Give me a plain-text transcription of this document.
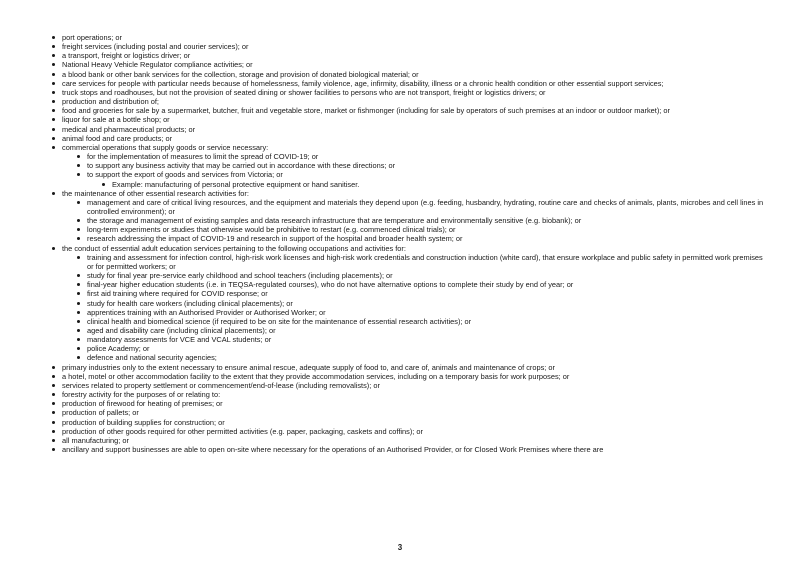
port operations; or
freight services (including postal and courier services); or
a transport, freight or logistics driver; or
National Heavy Vehicle Regulator compliance activities; or
a blood bank or other bank services for the collection, storage and provision of donated biological material; or
care services for people with particular needs because of homelessness, family violence, age, infirmity, disability, illness or a chronic health condition or other essential support services;
truck stops and roadhouses, but not the provision of seated dining or shower facilities to persons who are not transport, freight or logistics drivers; or
production and distribution of;
food and groceries for sale by a supermarket, butcher, fruit and vegetable store, market or fishmonger (including for sale by operators of such premises at an indoor or outdoor market); or
liquor for sale at a bottle shop; or
medical and pharmaceutical products; or
animal food and care products; or
commercial operations that supply goods or service necessary:
for the implementation of measures to limit the spread of COVID-19; or
to support any business activity that may be carried out in accordance with these directions; or
to support the export of goods and services from Victoria; or
Example: manufacturing of personal protective equipment or hand sanitiser.
the maintenance of other essential research activities for:
management and care of critical living resources, and the equipment and materials they depend upon (e.g. feeding, husbandry, hydrating, routine care and checks of animals, plants, microbes and cell lines in controlled environment); or
the storage and management of existing samples and data research infrastructure that are temperature and environmentally sensitive (e.g. biobank); or
long-term experiments or studies that otherwise would be prohibitive to restart (e.g. commenced clinical trials); or
research addressing the impact of COVID-19 and research in support of the hospital and broader health system; or
the conduct of essential adult education services pertaining to the following occupations and activities for:
training and assessment for infection control, high-risk work licenses and high-risk work credentials and construction induction (white card), that ensure workplace and public safety in permitted work premises or for permitted workers; or
study for final year pre-service early childhood and school teachers (including placements); or
final-year higher education students (i.e. in TEQSA-regulated courses), who do not have alternative options to complete their study by end of year; or
first aid training where required for COVID response; or
study for health care workers (including clinical placements); or
apprentices training with an Authorised Provider or Authorised Worker; or
clinical health and biomedical science (if required to be on site for the maintenance of essential research activities); or
aged and disability care (including clinical placements); or
mandatory assessments for VCE and VCAL students; or
police Academy; or
defence and national security agencies;
primary industries only to the extent necessary to ensure animal rescue, adequate supply of food to, and care of, animals and maintenance of crops; or
a hotel, motel or other accommodation facility to the extent that they provide accommodation services, including on a temporary basis for work purposes; or
services related to property settlement or commencement/end-of-lease (including removalists); or
forestry activity for the purposes of or relating to:
production of firewood for heating of premises; or
production of pallets; or
production of building supplies for construction; or
production of other goods required for other permitted activities (e.g. paper, packaging, caskets and coffins); or
all manufacturing; or
ancillary and support businesses are able to open on-site where necessary for the operations of an Authorised Provider, or for Closed Work Premises where there are
3
